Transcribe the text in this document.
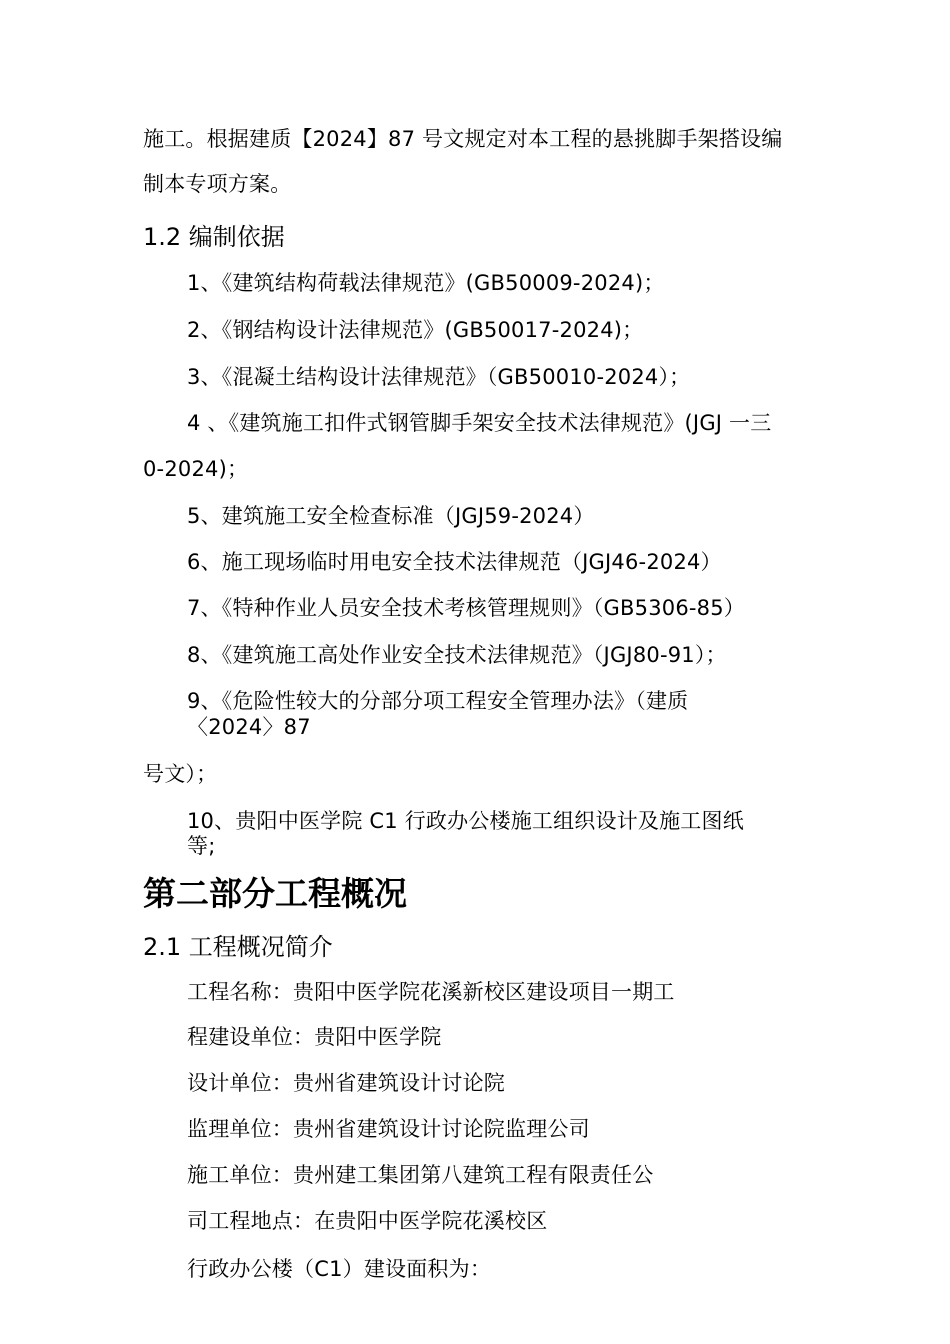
施工。根据建质【2024】87 号文规定对本工程的悬挑脚手架搭设编
制本专项方案。
1.2 编制依据
1、《建筑结构荷载法律规范》(GB50009-2024)；
2、《钢结构设计法律规范》(GB50017-2024)；
3、《混凝土结构设计法律规范》（GB50010-2024）；
4 、《建筑施工扣件式钢管脚手架安全技术法律规范》(JGJ 一三
0-2024)；
5、建筑施工安全检查标准（JGJ59-2024）
6、施工现场临时用电安全技术法律规范（JGJ46-2024）
7、《特种作业人员安全技术考核管理规则》（GB5306-85）
8、《建筑施工高处作业安全技术法律规范》（JGJ80-91）；
9、《危险性较大的分部分项工程安全管理办法》（建质
〈2024〉87
号文）；
10、贵阳中医学院 C1 行政办公楼施工组织设计及施工图纸
等;
第二部分工程概况
2.1 工程概况简介
工程名称：贵阳中医学院花溪新校区建设项目一期工
程建设单位：贵阳中医学院
设计单位：贵州省建筑设计讨论院
监理单位：贵州省建筑设计讨论院监理公司
施工单位：贵州建工集团第八建筑工程有限责任公
司工程地点：在贵阳中医学院花溪校区
行政办公楼（C1）建设面积为：
